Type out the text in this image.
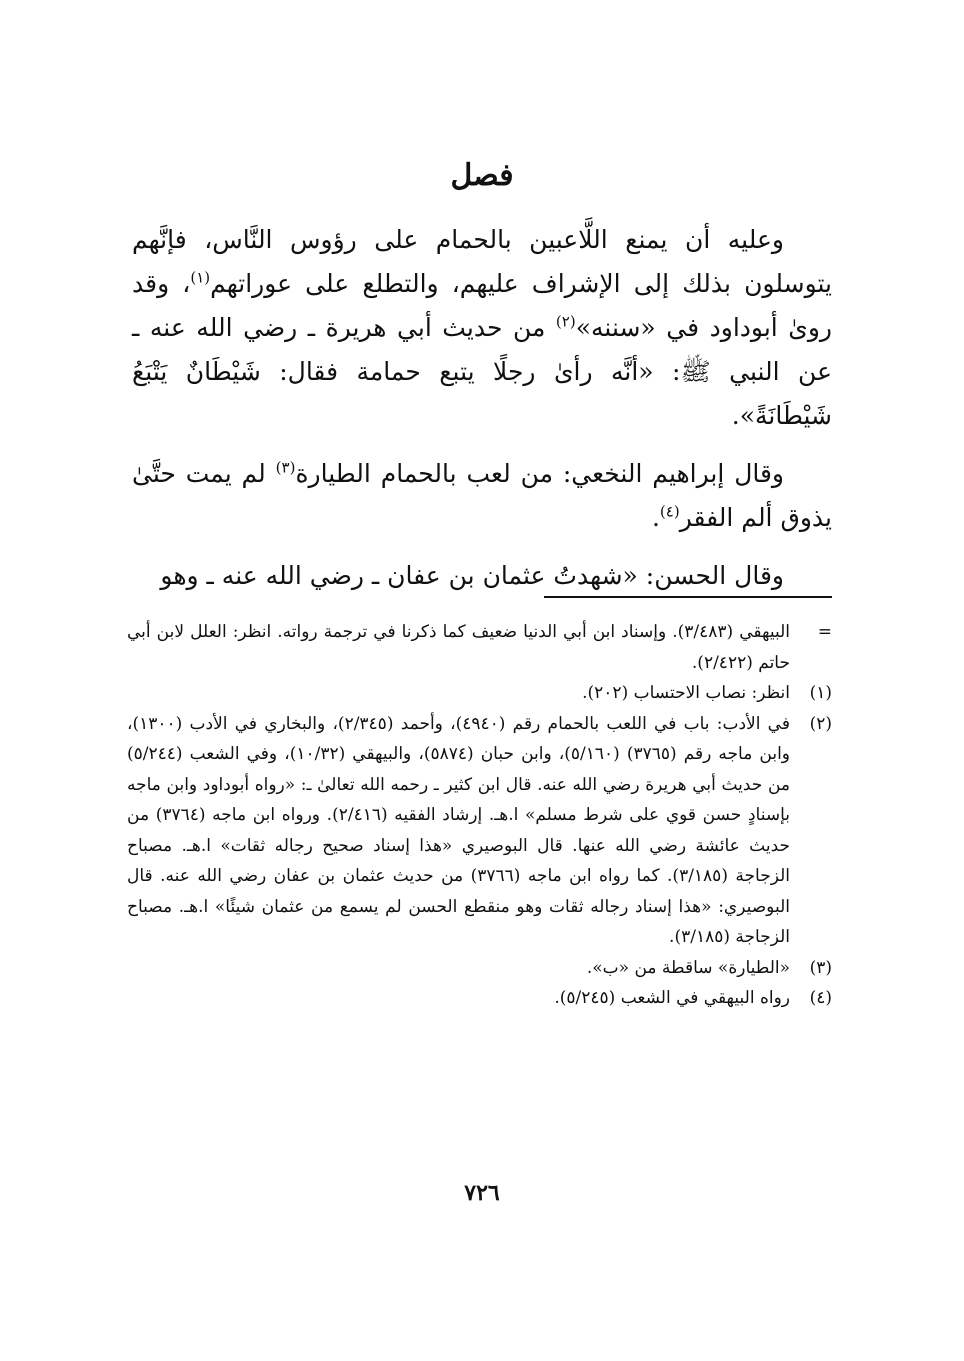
فصل

وعليه أن يمنع اللَّاعبين بالحمام على رؤوس النَّاس، فإنَّهم يتوسلون بذلك إلى الإشراف عليهم، والتطلع على عوراتهم$^{(١)}$، وقد روىٰ أبوداود في «سننه»$^{(٢)}$ من حديث أبي هريرة ـ رضي الله عنه ـ عن النبي ﷺ: «أنَّه رأىٰ رجلًا يتبع حمامة فقال: شَيْطَانٌ يَتْبَعُ شَيْطَانَةً».

وقال إبراهيم النخعي: من لعب بالحمام الطيارة$^{(٣)}$ لم يمت حتَّىٰ يذوق ألم الفقر$^{(٤)}$.

وقال الحسن: «شهدتُ عثمان بن عفان ـ رضي الله عنه ـ وهو

=
البيهقي (٣/٤٨٣). وإسناد ابن أبي الدنيا ضعيف كما ذكرنا في ترجمة رواته. انظر: العلل لابن أبي حاتم (٢/٤٢٢).
(١)
انظر: نصاب الاحتساب (٢٠٢).
(٢)
في الأدب: باب في اللعب بالحمام رقم (٤٩٤٠)، وأحمد (٢/٣٤٥)، والبخاري في الأدب (١٣٠٠)، وابن ماجه رقم (٣٧٦٥) (٥/١٦٠)، وابن حبان (٥٨٧٤)، والبيهقي (١٠/٣٢)، وفي الشعب (٥/٢٤٤) من حديث أبي هريرة رضي الله عنه. قال ابن كثير ـ رحمه الله تعالىٰ ـ: «رواه أبوداود وابن ماجه بإسنادٍ حسن قوي على شرط مسلم» ا.هـ. إرشاد الفقيه (٢/٤١٦). ورواه ابن ماجه (٣٧٦٤) من حديث عائشة رضي الله عنها. قال البوصيري «هذا إسناد صحيح رجاله ثقات» ا.هـ. مصباح الزجاجة (٣/١٨٥). كما رواه ابن ماجه (٣٧٦٦) من حديث عثمان بن عفان رضي الله عنه. قال البوصيري: «هذا إسناد رجاله ثقات وهو منقطع الحسن لم يسمع من عثمان شيئًا» ا.هـ. مصباح الزجاجة (٣/١٨٥).
(٣)
«الطيارة» ساقطة من «ب».
(٤)
رواه البيهقي في الشعب (٥/٢٤٥).
٧٢٦
